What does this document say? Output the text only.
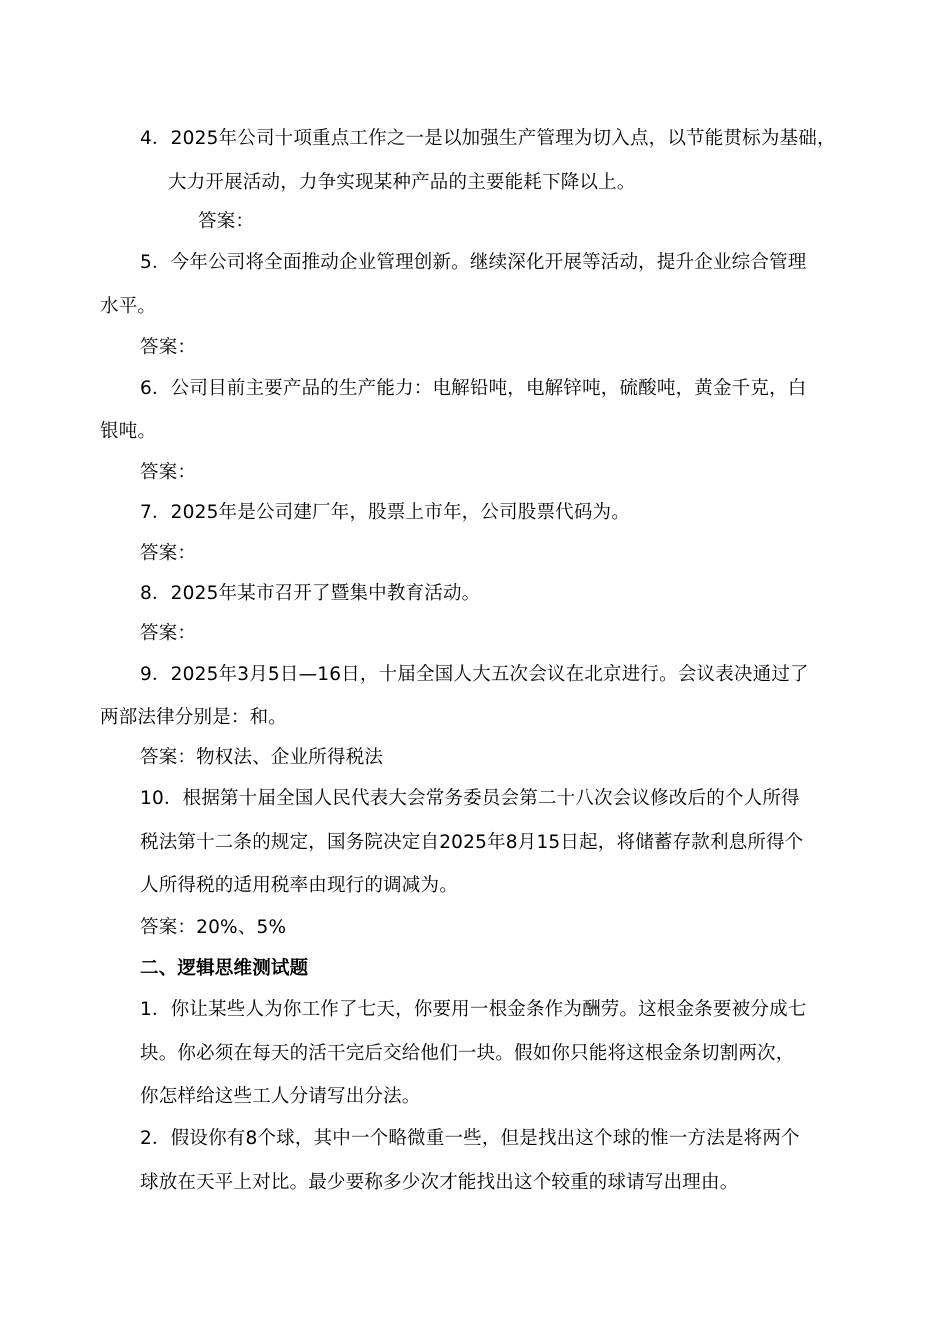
4．2025年公司十项重点工作之一是以加强生产管理为切入点，以节能贯标为基础，
大力开展活动，力争实现某种产品的主要能耗下降以上。
答案：
5．今年公司将全面推动企业管理创新。继续深化开展等活动，提升企业综合管理
水平。
答案：
6．公司目前主要产品的生产能力：电解铅吨，电解锌吨，硫酸吨，黄金千克，白
银吨。
答案：
7．2025年是公司建厂年，股票上市年，公司股票代码为。
答案：
8．2025年某市召开了暨集中教育活动。
答案：
9．2025年3月5日—16日，十届全国人大五次会议在北京进行。会议表决通过了
两部法律分别是：和。
答案：物权法、企业所得税法
10．根据第十届全国人民代表大会常务委员会第二十八次会议修改后的个人所得
税法第十二条的规定，国务院决定自2025年8月15日起，将储蓄存款利息所得个
人所得税的适用税率由现行的调减为。
答案：20%、5%
二、逻辑思维测试题
1．你让某些人为你工作了七天，你要用一根金条作为酬劳。这根金条要被分成七
块。你必须在每天的活干完后交给他们一块。假如你只能将这根金条切割两次，
你怎样给这些工人分请写出分法。
2．假设你有8个球，其中一个略微重一些，但是找出这个球的惟一方法是将两个
球放在天平上对比。最少要称多少次才能找出这个较重的球请写出理由。
